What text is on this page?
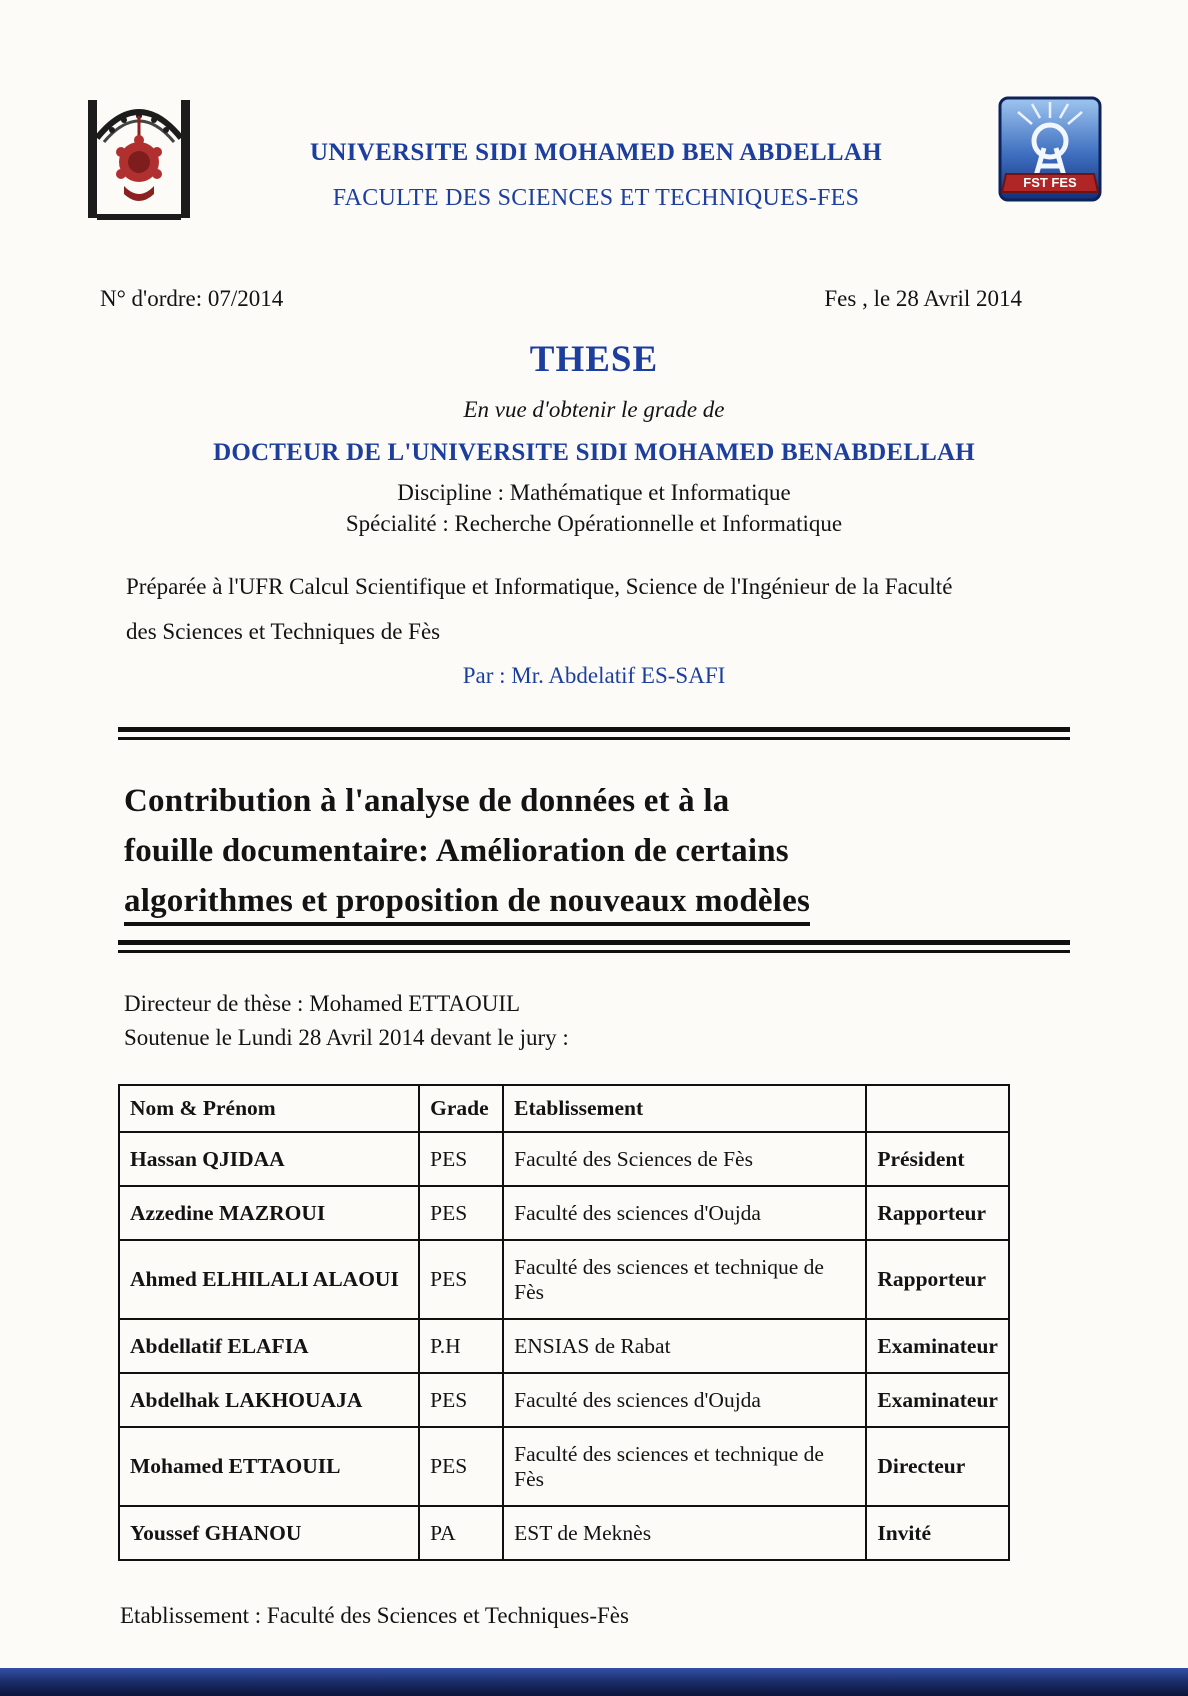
UNIVERSITE SIDI MOHAMED BEN ABDELLAH
FACULTE DES SCIENCES ET TECHNIQUES-FES
FST FES
N° d'ordre: 07/2014	Fes , le 28 Avril 2014
THESE
En vue d'obtenir le grade de
DOCTEUR DE L'UNIVERSITE SIDI MOHAMED BENABDELLAH
Discipline : Mathématique et Informatique
Spécialité : Recherche Opérationnelle et Informatique
Préparée à l'UFR Calcul Scientifique et Informatique, Science de l'Ingénieur de la Faculté
des Sciences et Techniques de Fès
Par : Mr. Abdelatif ES-SAFI
Contribution à l'analyse de données et à la
fouille documentaire: Amélioration de certains
algorithmes et proposition de nouveaux modèles
Directeur de thèse : Mohamed ETTAOUIL
Soutenue le Lundi 28 Avril 2014 devant le jury :
Nom & Prénom	Grade	Etablissement	
Hassan QJIDAA	PES	Faculté des Sciences de Fès	Président
Azzedine MAZROUI	PES	Faculté des sciences d'Oujda	Rapporteur
Ahmed ELHILALI ALAOUI	PES	Faculté des sciences et technique de Fès	Rapporteur
Abdellatif ELAFIA	P.H	ENSIAS de Rabat	Examinateur
Abdelhak LAKHOUAJA	PES	Faculté des sciences d'Oujda	Examinateur
Mohamed ETTAOUIL	PES	Faculté des sciences et technique de Fès	Directeur
Youssef GHANOU	PA	EST de Meknès	Invité
Etablissement : Faculté des Sciences et Techniques-Fès
